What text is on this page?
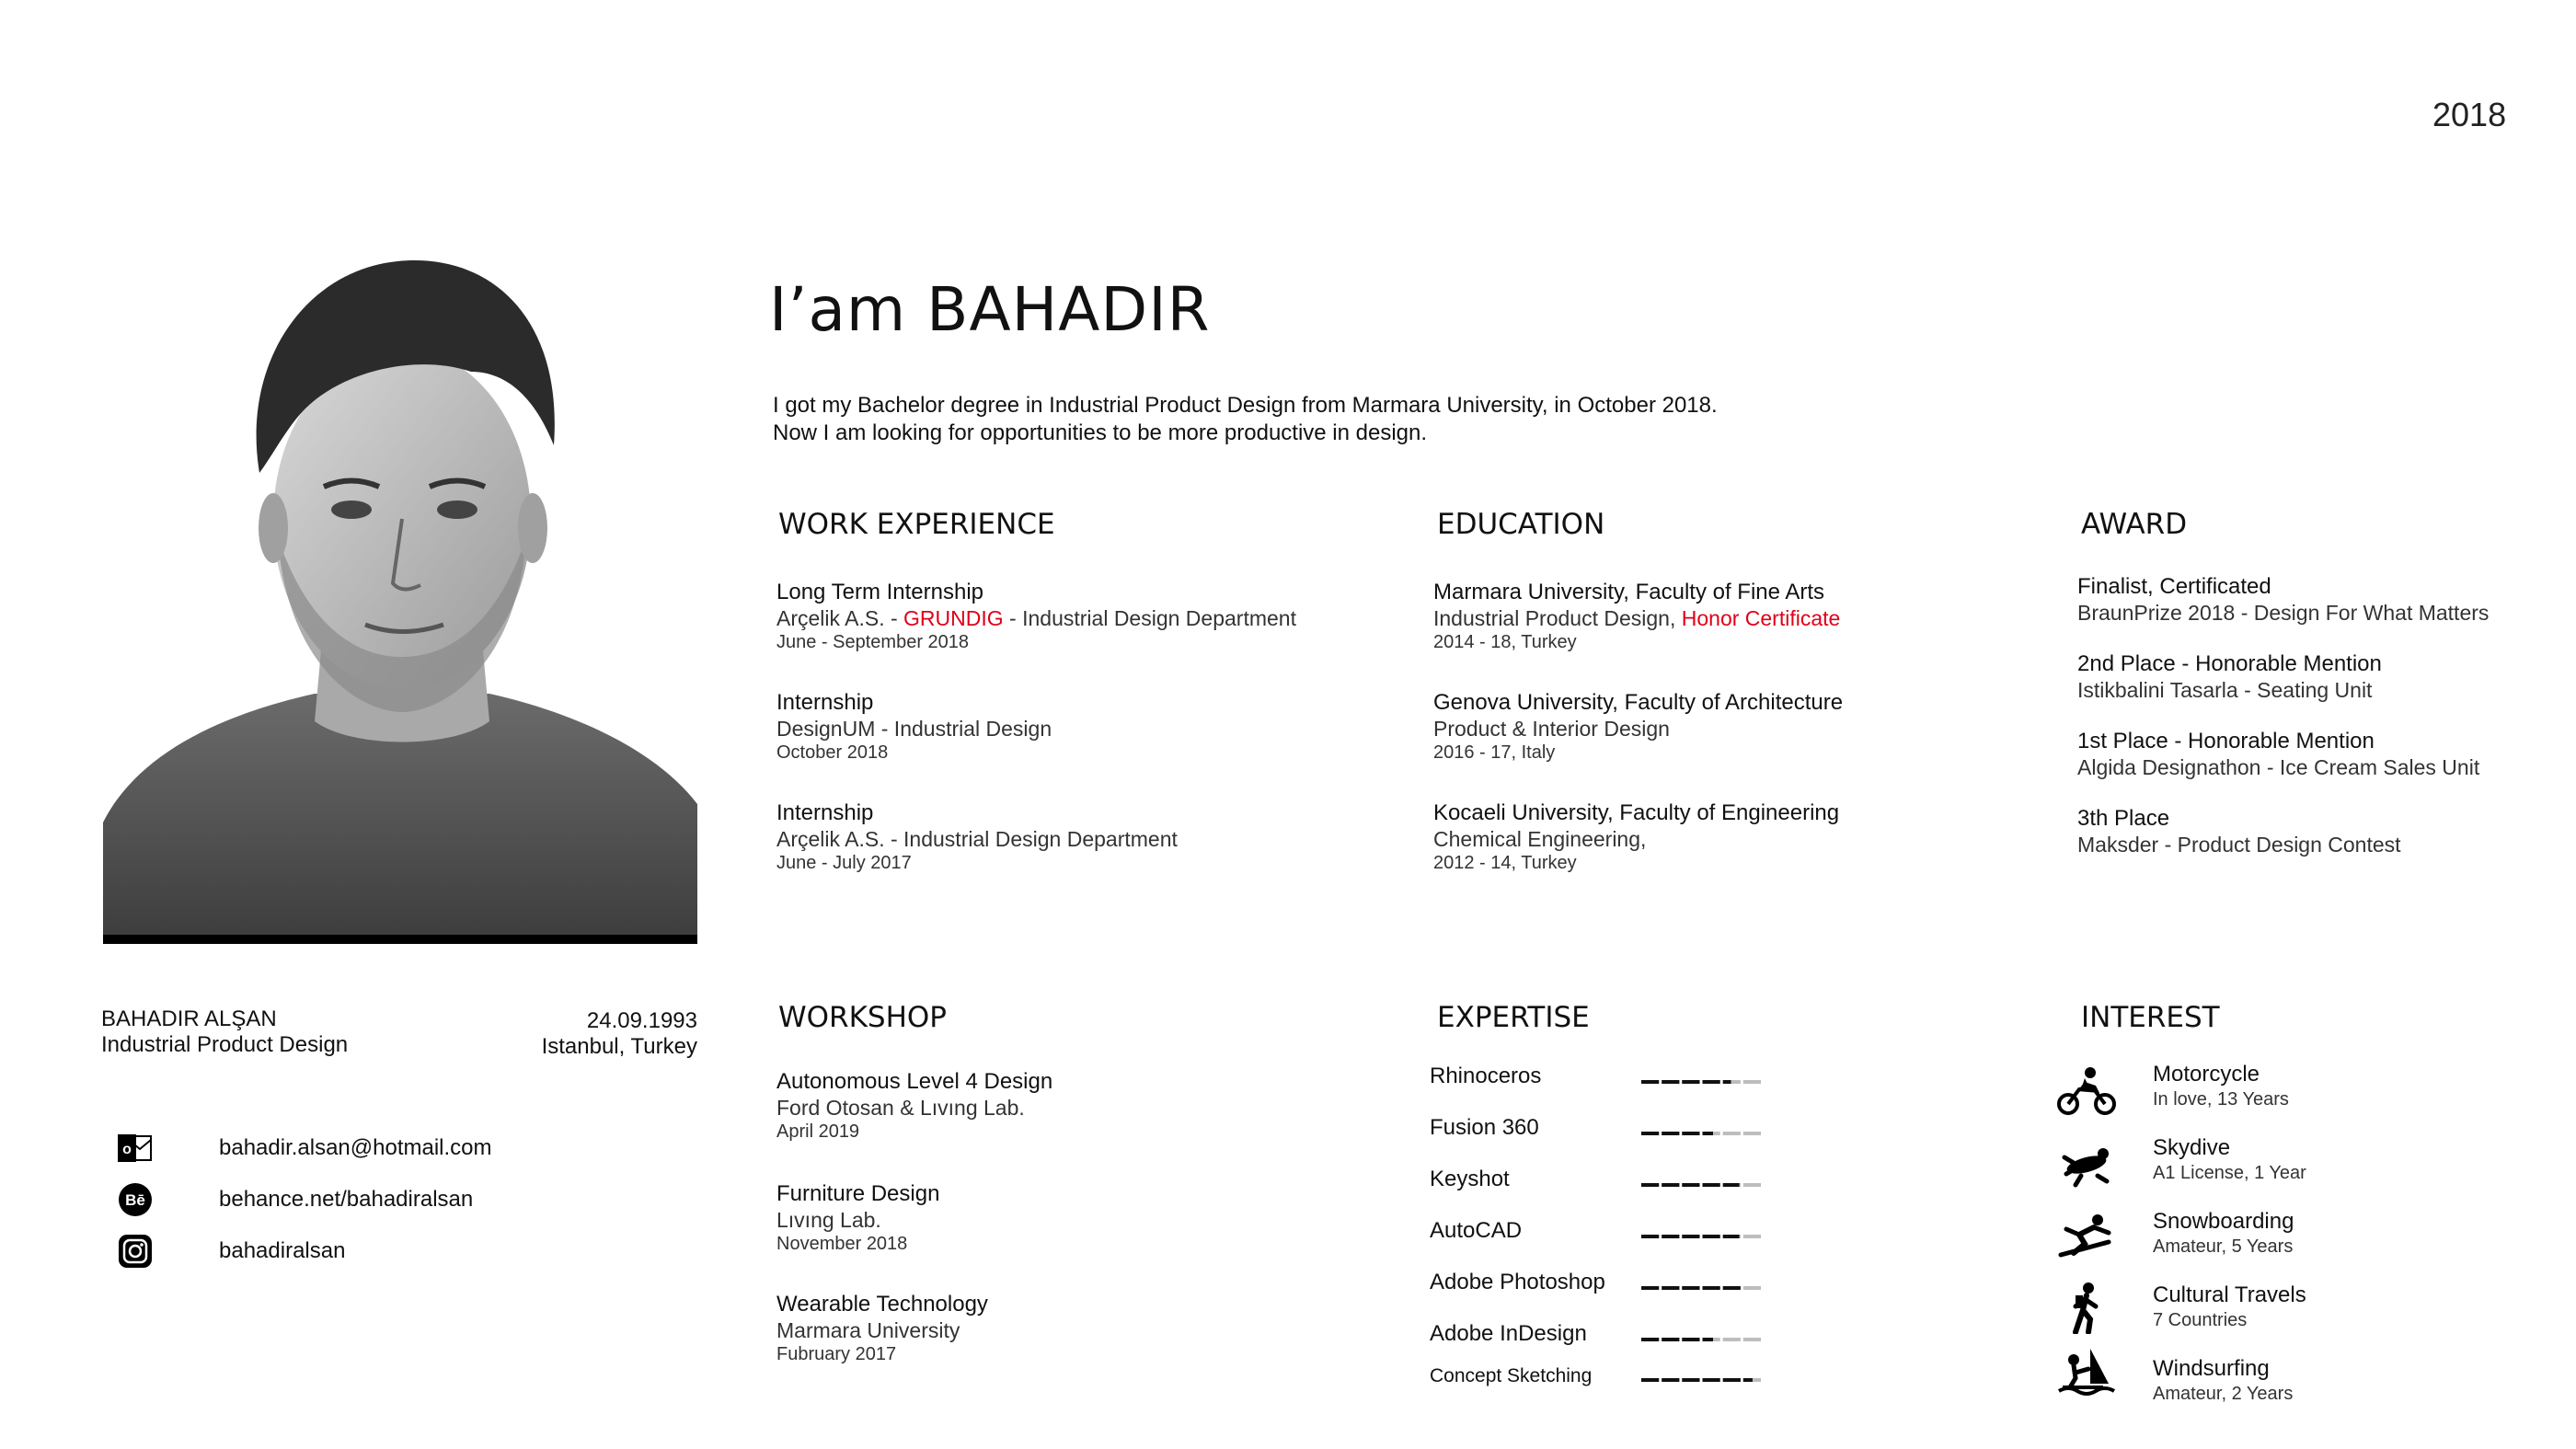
2018
I’am BAHADIR
I got my Bachelor degree in Industrial Product Design from Marmara University, in October 2018.
Now I am looking for opportunities to be more productive in design.
BAHADIR ALŞAN
Industrial Product Design
24.09.1993
Istanbul, Turkey
o	bahadir.alsan@hotmail.com
Bē	behance.net/bahadiralsan
bahadiralsan
WORK EXPERIENCE
Long Term Internship
Arçelik A.S. - GRUNDIG - Industrial Design Department
June - September 2018
Internship
DesignUM - Industrial Design
October 2018
Internship
Arçelik A.S. - Industrial Design Department
June - July 2017
EDUCATION
Marmara University, Faculty of Fine Arts
Industrial Product Design, Honor Certificate
2014 - 18, Turkey
Genova University, Faculty of Architecture
Product & Interior Design
2016 - 17, Italy
Kocaeli University, Faculty of Engineering
Chemical Engineering,
2012 - 14, Turkey
AWARD
Finalist, Certificated
BraunPrize 2018 - Design For What Matters
2nd Place - Honorable Mention
Istikbalini Tasarla - Seating Unit
1st Place - Honorable Mention
Algida Designathon - Ice Cream Sales Unit
3th Place
Maksder - Product Design Contest
WORKSHOP
Autonomous Level 4 Design
Ford Otosan & Lıvıng Lab.
April 2019
Furniture Design
Lıvıng Lab.
November 2018
Wearable Technology
Marmara University
Fubruary 2017
EXPERTISE
Rhinoceros
Fusion 360
Keyshot
AutoCAD
Adobe Photoshop
Adobe InDesign
Concept Sketching
INTEREST
Motorcycle
In love, 13 Years
Skydive
A1 License, 1 Year
Snowboarding
Amateur, 5 Years
Cultural Travels
7 Countries
Windsurfing
Amateur, 2 Years
